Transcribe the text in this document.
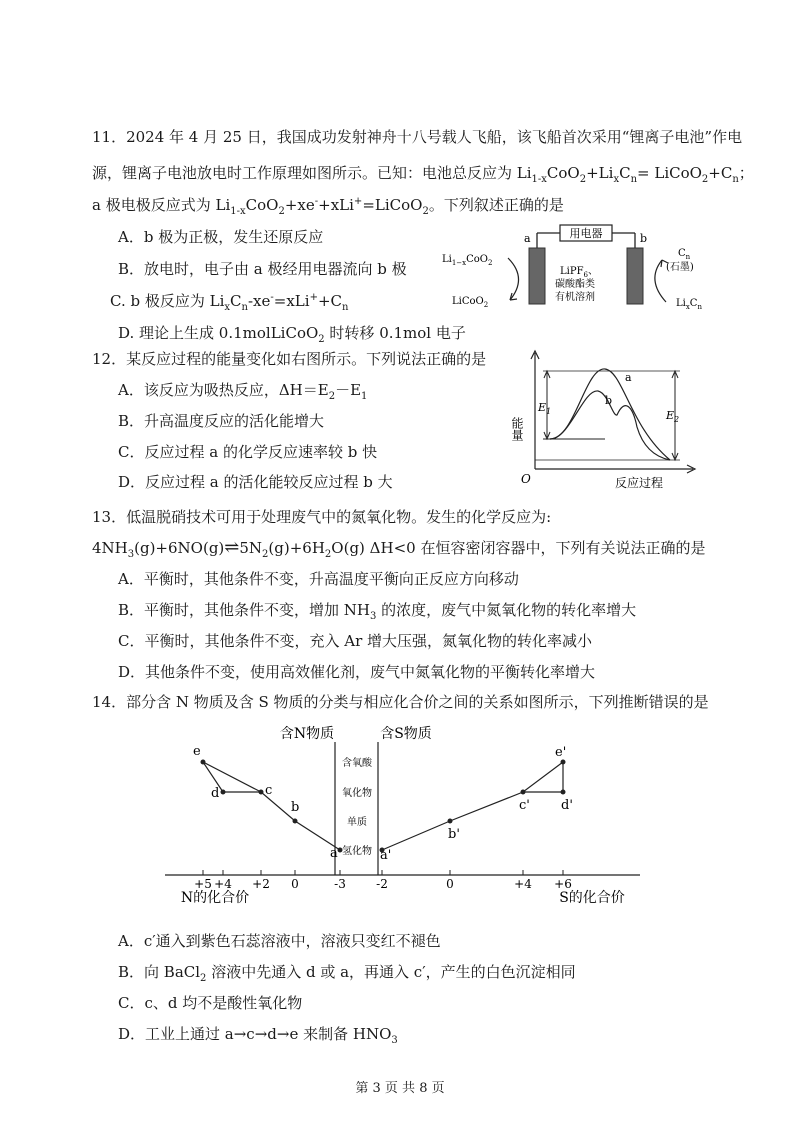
11．2024 年 4 月 25 日，我国成功发射神舟十八号载人飞船，该飞船首次采用“锂离子电池”作电
源，锂离子电池放电时工作原理如图所示。已知：电池总反应为 $Li_{1-x}CoO_2+Li_xC_n=$ $LiCoO_2+C_n$；
a 极电极反应式为 $Li_{1-x}CoO_2+xe^-+xLi^+=LiCoO_2$。下列叙述正确的是
A．b 极为正极，发生还原反应
B．放电时，电子由 a 极经用电器流向 b 极
C. b 极反应为 $Li_xC_n-xe^-=xLi^++C_n$
D. 理论上生成 0.1molLiCoO$_2$ 时转移 0.1mol 电子
用电器
a	b
$Li_{1-x}CoO_2$
LiCoO$_2$
LiPF$_6$、
碳酸酯类
有机溶剂
$C_n$
(石墨)
$Li_xC_n$
12．某反应过程的能量变化如右图所示。下列说法正确的是
A．该反应为吸热反应，$\Delta H=E_2-E_1$
B．升高温度反应的活化能增大
C．反应过程 a 的化学反应速率较 b 快
D．反应过程 a 的活化能较反应过程 b 大
能量
O	反应过程
a
b
$E_1$	$E_2$
13．低温脱硝技术可用于处理废气中的氮氧化物。发生的化学反应为:
$4NH_3(g)+6NO(g)\rightleftharpoons 5N_2(g)+6H_2O(g)$ ΔH<0 在恒容密闭容器中，下列有关说法正确的是
A．平衡时，其他条件不变，升高温度平衡向正反应方向移动
B．平衡时，其他条件不变，增加 $NH_3$ 的浓度，废气中氮氧化物的转化率增大
C．平衡时，其他条件不变，充入 Ar 增大压强，氮氧化物的转化率减小
D．其他条件不变，使用高效催化剂，废气中氮氧化物的平衡转化率增大
14．部分含 N 物质及含 S 物质的分类与相应化合价之间的关系如图所示，下列推断错误的是
含N物质	含S物质
含氧酸
氧化物
单质
氢化物
+5 +4 +2 0	-3	-2	0	+4 +6
e
d	c
b
a	a'
b'
c'
e'
d'
N的化合价	S的化合价
A．c′通入到紫色石蕊溶液中，溶液只变红不褪色
B．向 BaCl$_2$ 溶液中先通入 d 或 a，再通入 c′，产生的白色沉淀相同
C．c、d 均不是酸性氧化物
D．工业上通过 a→c→d→e 来制备 $HNO_3$
第 3 页 共 8 页
